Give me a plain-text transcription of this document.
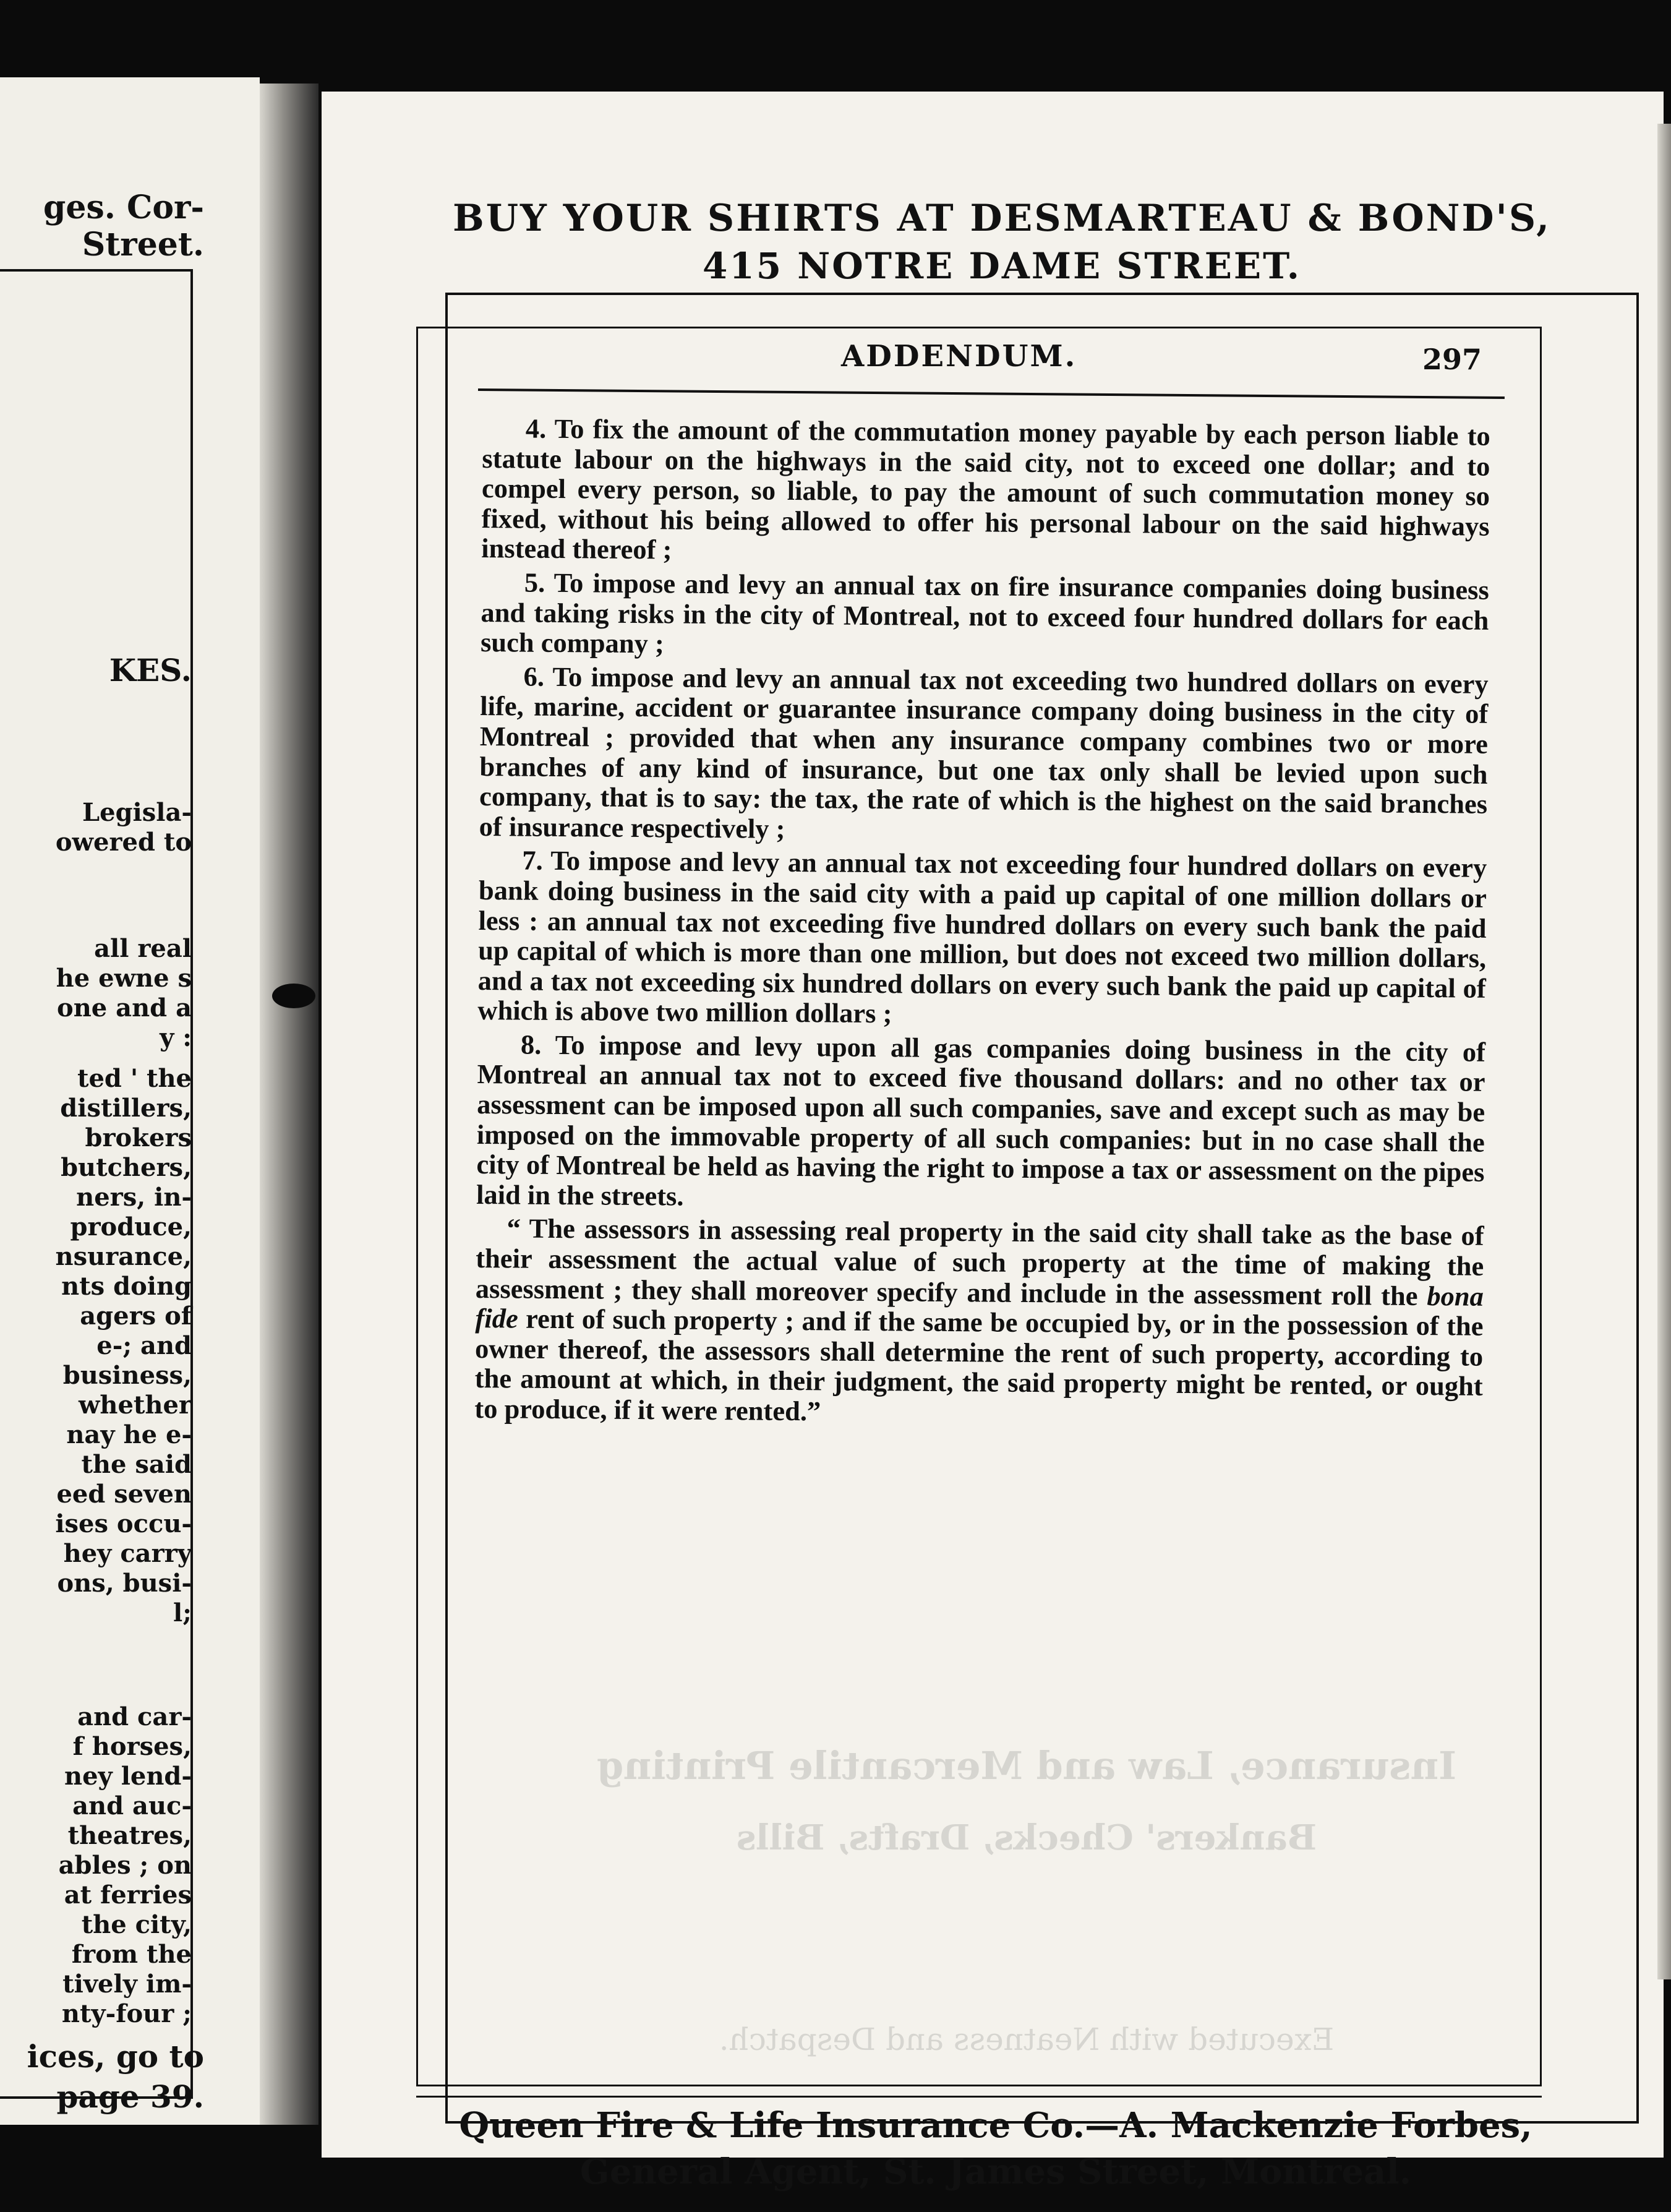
ges. Cor-
Street.
KES.
Legisla-
owered to
all real
he ewne s
one and a
y :
ted ' the
distillers,
brokers
butchers,
ners, in-
produce,
nsurance,
nts doing
agers of
e-; and
business,
whether
nay he e-
the said
eed seven
ises occu-
hey carry
ons, busi-
l;
and car-
f horses,
ney lend-
and auc-
theatres,
ables ; on
at ferries
the city,
from the
tively im-
nty-four ;
ices, go to
page 39.
BUY YOUR SHIRTS AT DESMARTEAU & BOND'S,
415 NOTRE DAME STREET.
ADDENDUM.	297

4. To fix the amount of the commutation money payable by each person liable to statute labour on the highways in the said city, not to exceed one dollar; and to compel every person, so liable, to pay the amount of such commutation money so fixed, without his being allowed to offer his personal labour on the said highways instead thereof ;

5. To impose and levy an annual tax on fire insurance companies doing business and taking risks in the city of Montreal, not to exceed four hundred dollars for each such company ;

6. To impose and levy an annual tax not exceeding two hundred dollars on every life, marine, accident or guarantee insurance company doing business in the city of Montreal ; provided that when any insurance company combines two or more branches of any kind of insurance, but one tax only shall be levied upon such company, that is to say: the tax, the rate of which is the highest on the said branches of insurance respectively ;

7. To impose and levy an annual tax not exceeding four hundred dollars on every bank doing business in the said city with a paid up capital of one million dollars or less : an annual tax not exceeding five hundred dollars on every such bank the paid up capital of which is more than one million, but does not exceed two million dollars, and a tax not exceeding six hundred dollars on every such bank the paid up capital of which is above two million dollars ;

8. To impose and levy upon all gas companies doing business in the city of Montreal an annual tax not to exceed five thousand dollars: and no other tax or assessment can be imposed upon all such companies, save and except such as may be imposed on the immovable property of all such companies: but in no case shall the city of Montreal be held as having the right to impose a tax or assessment on the pipes laid in the streets.

“ The assessors in assessing real property in the said city shall take as the base of their assessment the actual value of such property at the time of making the assessment ; they shall moreover specify and include in the assessment roll the bona fide rent of such property ; and if the same be occupied by, or in the possession of the owner thereof, the assessors shall determine the rent of such property, according to the amount at which, in their judgment, the said property might be rented, or ought to produce, if it were rented.”

Insurance, Law and Mercantile Printing
Bankers' Checks, Drafts, Bills
Executed with Neatness and Despatch.
Queen Fire & Life Insurance Co.—A. Mackenzie Forbes,
General Agent, St. James Street, Montreal.
